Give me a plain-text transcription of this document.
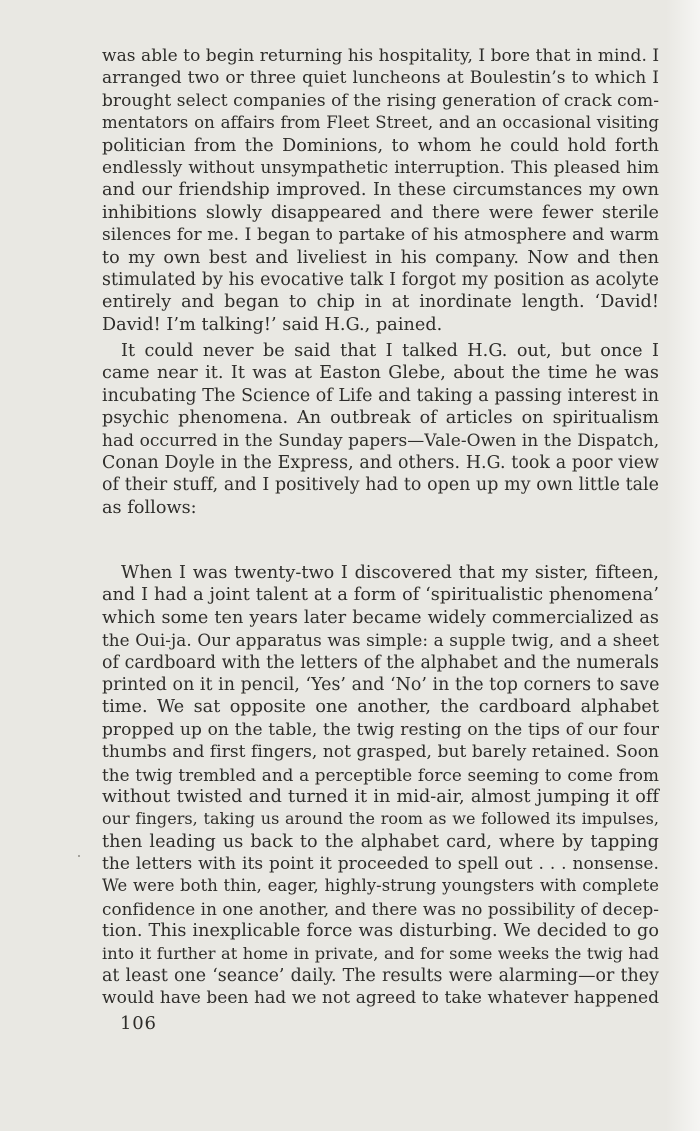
was able to begin returning his hospitality, I bore that in mind. I
arranged two or three quiet luncheons at Boulestin’s to which I
brought select companies of the rising generation of crack com-
mentators on affairs from Fleet Street, and an occasional visiting
politician from the Dominions, to whom he could hold forth
endlessly without unsympathetic interruption. This pleased him
and our friendship improved. In these circumstances my own
inhibitions slowly disappeared and there were fewer sterile
silences for me. I began to partake of his atmosphere and warm
to my own best and liveliest in his company. Now and then
stimulated by his evocative talk I forgot my position as acolyte
entirely and began to chip in at inordinate length. ‘David!
David! I’m talking!’ said H.G., pained.
It could never be said that I talked H.G. out, but once I
came near it. It was at Easton Glebe, about the time he was
incubating The Science of Life and taking a passing interest in
psychic phenomena. An outbreak of articles on spiritualism
had occurred in the Sunday papers—Vale-Owen in the Dispatch,
Conan Doyle in the Express, and others. H.G. took a poor view
of their stuff, and I positively had to open up my own little tale
as follows:
When I was twenty-two I discovered that my sister, fifteen,
and I had a joint talent at a form of ‘spiritualistic phenomena’
which some ten years later became widely commercialized as
the Oui-ja. Our apparatus was simple: a supple twig, and a sheet
of cardboard with the letters of the alphabet and the numerals
printed on it in pencil, ‘Yes’ and ‘No’ in the top corners to save
time. We sat opposite one another, the cardboard alphabet
propped up on the table, the twig resting on the tips of our four
thumbs and first fingers, not grasped, but barely retained. Soon
the twig trembled and a perceptible force seeming to come from
without twisted and turned it in mid-air, almost jumping it off
our fingers, taking us around the room as we followed its impulses,
then leading us back to the alphabet card, where by tapping
the letters with its point it proceeded to spell out . . . nonsense.
We were both thin, eager, highly-strung youngsters with complete
confidence in one another, and there was no possibility of decep-
tion. This inexplicable force was disturbing. We decided to go
into it further at home in private, and for some weeks the twig had
at least one ‘seance’ daily. The results were alarming—or they
would have been had we not agreed to take whatever happened
106
